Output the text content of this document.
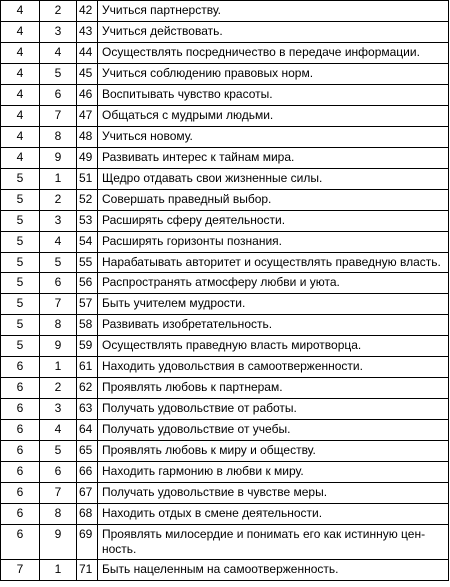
4	2	42	Учиться партнерству.
4	3	43	Учиться действовать.
4	4	44	Осуществлять посредничество в передаче информации.
4	5	45	Учиться соблюдению правовых норм.
4	6	46	Воспитывать чувство красоты.
4	7	47	Общаться с мудрыми людьми.
4	8	48	Учиться новому.
4	9	49	Развивать интерес к тайнам мира.
5	1	51	Щедро отдавать свои жизненные силы.
5	2	52	Совершать праведный выбор.
5	3	53	Расширять сферу деятельности.
5	4	54	Расширять горизонты познания.
5	5	55	Нарабатывать авторитет и осуществлять праведную власть.
5	6	56	Распространять атмосферу любви и уюта.
5	7	57	Быть учителем мудрости.
5	8	58	Развивать изобретательность.
5	9	59	Осуществлять праведную власть миротворца.
6	1	61	Находить удовольствия в самоотверженности.
6	2	62	Проявлять любовь к партнерам.
6	3	63	Получать удовольствие от работы.
6	4	64	Получать удовольствие от учебы.
6	5	65	Проявлять любовь к миру и обществу.
6	6	66	Находить гармонию в любви к миру.
6	7	67	Получать удовольствие в чувстве меры.
6	8	68	Находить отдых в смене деятельности.
6	9	69	Проявлять милосердие и понимать его как истинную цен-ность.
7	1	71	Быть нацеленным на самоотверженность.
